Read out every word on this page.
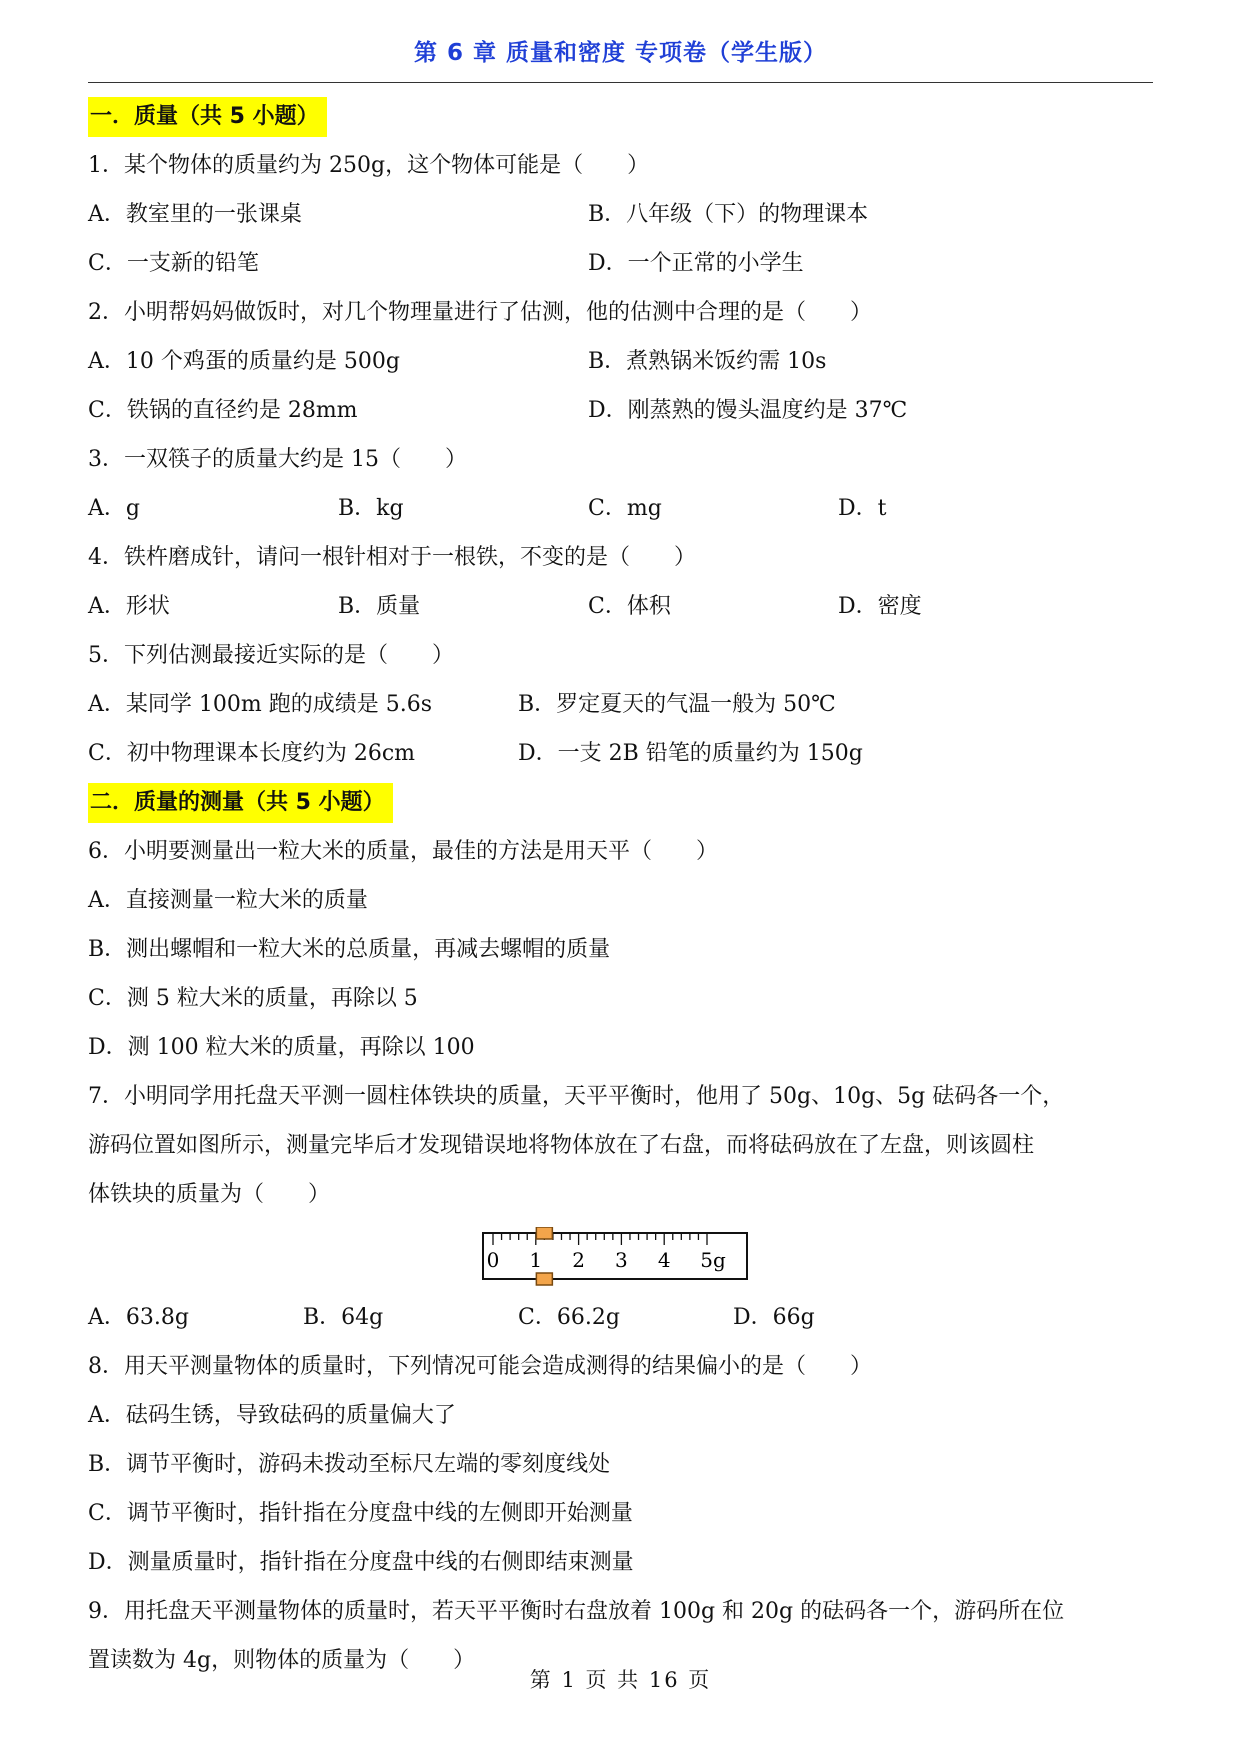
第 6 章 质量和密度 专项卷（学生版）
一．质量（共 5 小题）
1．某个物体的质量约为 250g，这个物体可能是（　　）
A．教室里的一张课桌	B．八年级（下）的物理课本
C．一支新的铅笔	D．一个正常的小学生
2．小明帮妈妈做饭时，对几个物理量进行了估测，他的估测中合理的是（　　）
A．10 个鸡蛋的质量约是 500g	B．煮熟锅米饭约需 10s
C．铁锅的直径约是 28mm	D．刚蒸熟的馒头温度约是 37℃
3．一双筷子的质量大约是 15（　　）
A．g	B．kg	C．mg	D．t
4．铁杵磨成针，请问一根针相对于一根铁，不变的是（　　）
A．形状	B．质量	C．体积	D．密度
5．下列估测最接近实际的是（　　）
A．某同学 100m 跑的成绩是 5.6s	B．罗定夏天的气温一般为 50℃
C．初中物理课本长度约为 26cm	D．一支 2B 铅笔的质量约为 150g
二．质量的测量（共 5 小题）
6．小明要测量出一粒大米的质量，最佳的方法是用天平（　　）
A．直接测量一粒大米的质量
B．测出螺帽和一粒大米的总质量，再减去螺帽的质量
C．测 5 粒大米的质量，再除以 5
D．测 100 粒大米的质量，再除以 100
7．小明同学用托盘天平测一圆柱体铁块的质量，天平平衡时，他用了 50g、10g、5g 砝码各一个，
游码位置如图所示，测量完毕后才发现错误地将物体放在了右盘，而将砝码放在了左盘，则该圆柱
体铁块的质量为（　　）
0 1 2 3 4 5g
A．63.8g	B．64g	C．66.2g	D．66g
8．用天平测量物体的质量时，下列情况可能会造成测得的结果偏小的是（　　）
A．砝码生锈，导致砝码的质量偏大了
B．调节平衡时，游码未拨动至标尺左端的零刻度线处
C．调节平衡时，指针指在分度盘中线的左侧即开始测量
D．测量质量时，指针指在分度盘中线的右侧即结束测量
9．用托盘天平测量物体的质量时，若天平平衡时右盘放着 100g 和 20g 的砝码各一个，游码所在位
置读数为 4g，则物体的质量为（　　）
第 1 页 共 16 页
